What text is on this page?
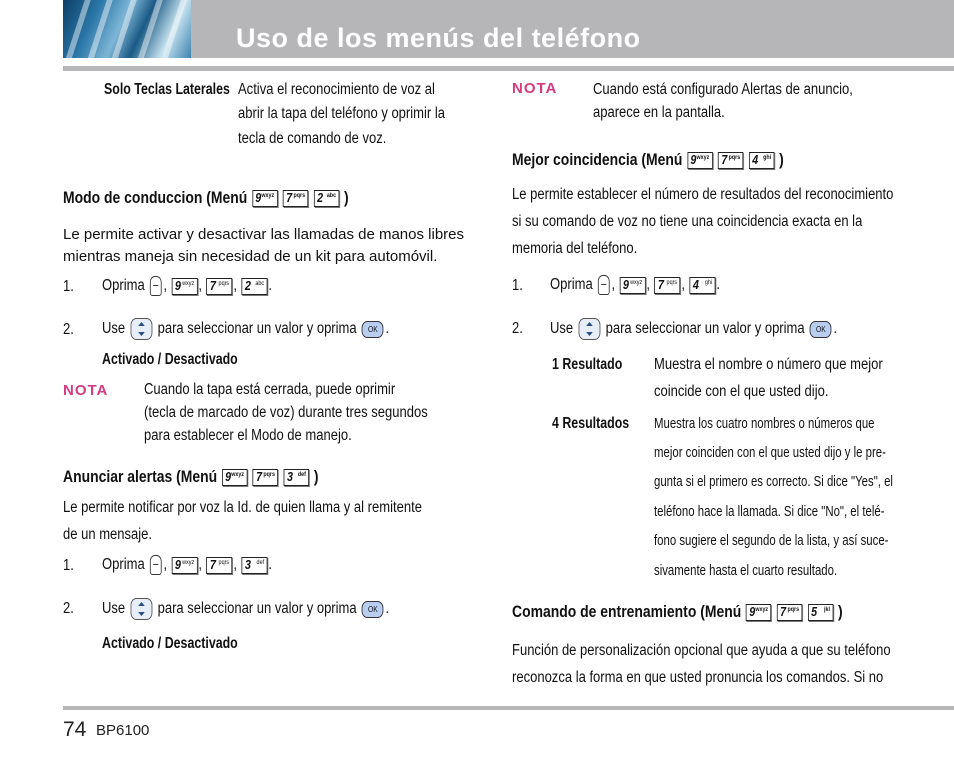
Uso de los menús del teléfono
Solo Teclas Laterales Activa el reconocimiento de voz al
abrir la tapa del teléfono y oprimir la
tecla de comando de voz.
Modo de conduccion (Menú 9 wxyz
7 pqrs
2 abc )
Le permite activar y desactivar las llamadas de manos libres
mientras maneja sin necesidad de un kit para automóvil.
1. Oprima , 9 wxyz , 7 pqrs , 2 abc .
2. Use para seleccionar un valor y oprima OK .
Activado / Desactivado
NOTA Cuando la tapa está cerrada, puede oprimir
(tecla de marcado de voz) durante tres segundos
para establecer el Modo de manejo.
Anunciar alertas (Menú 9 wxyz
7 pqrs
3 def )
Le permite notificar por voz la Id. de quien llama y al remitente
de un mensaje.
1. Oprima , 9 wxyz , 7 pqrs , 3 def .
2. Use para seleccionar un valor y oprima OK .
Activado / Desactivado
NOTA Cuando está configurado Alertas de anuncio,
aparece en la pantalla.
Mejor coincidencia (Menú 9 wxyz
7 pqrs
4 ghi )
Le permite establecer el número de resultados del reconocimiento
si su comando de voz no tiene una coincidencia exacta en la
memoria del teléfono.
1. Oprima , 9 wxyz , 7 pqrs , 4 ghi .
2. Use para seleccionar un valor y oprima OK .
1 Resultado Muestra el nombre o número que mejor
coincide con el que usted dijo.
4 Resultados Muestra los cuatro nombres o números que
mejor coinciden con el que usted dijo y le pre-
gunta si el primero es correcto. Si dice "Yes", el
teléfono hace la llamada. Si dice "No", el telé-
fono sugiere el segundo de la lista, y así suce-
sivamente hasta el cuarto resultado.
Comando de entrenamiento (Menú 9 wxyz
7 pqrs
5 jkl )
Función de personalización opcional que ayuda a que su teléfono
reconozca la forma en que usted pronuncia los comandos. Si no
74 BP6100
